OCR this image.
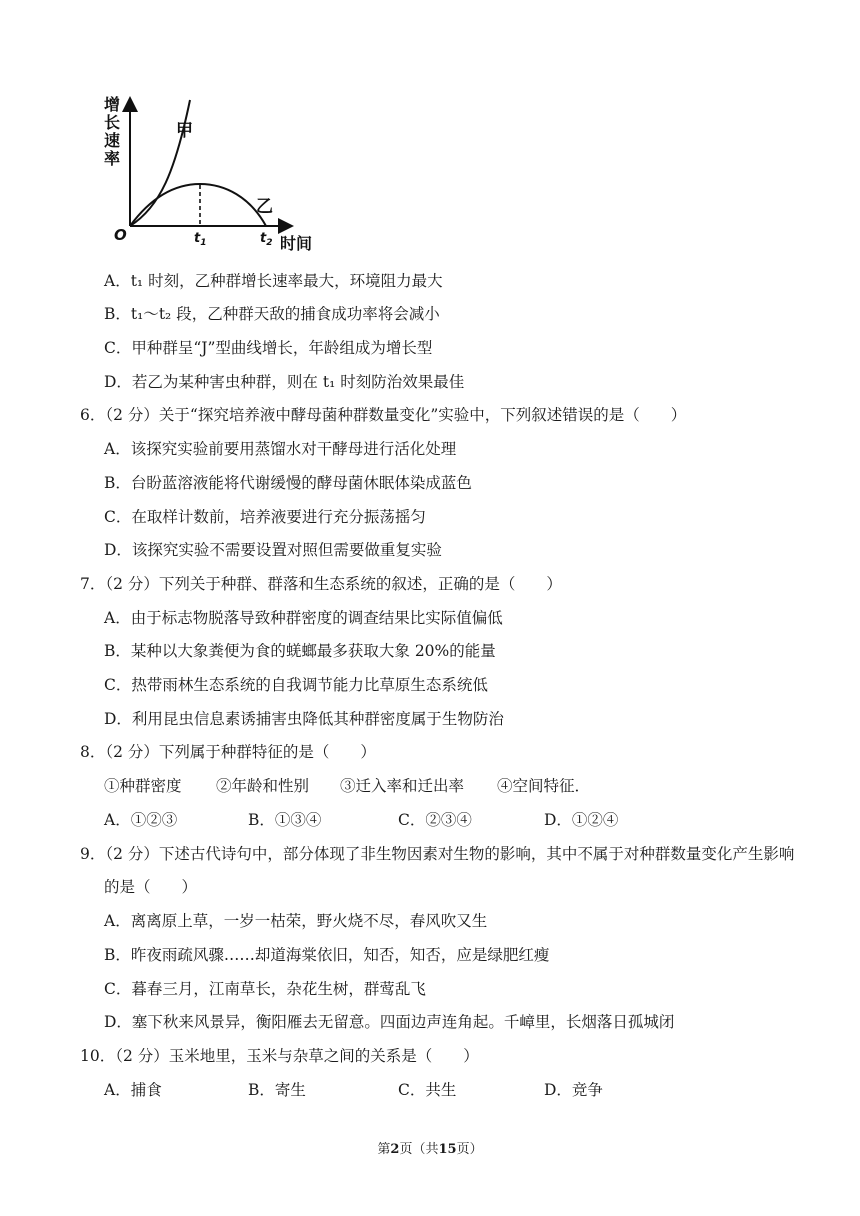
增
长
速
率
甲
乙
O	$t_1$	$t_2$ 时间
A．t₁ 时刻，乙种群增长速率最大，环境阻力最大
B．t₁～t₂ 段，乙种群天敌的捕食成功率将会减小
C．甲种群呈“J”型曲线增长，年龄组成为增长型
D．若乙为某种害虫种群，则在 t₁ 时刻防治效果最佳
6．（2 分）关于“探究培养液中酵母菌种群数量变化”实验中，下列叙述错误的是（　　）
A．该探究实验前要用蒸馏水对干酵母进行活化处理
B．台盼蓝溶液能将代谢缓慢的酵母菌休眠体染成蓝色
C．在取样计数前，培养液要进行充分振荡摇匀
D．该探究实验不需要设置对照但需要做重复实验
7．（2 分）下列关于种群、群落和生态系统的叙述，正确的是（　　）
A．由于标志物脱落导致种群密度的调查结果比实际值偏低
B．某种以大象粪便为食的蜣螂最多获取大象 20%的能量
C．热带雨林生态系统的自我调节能力比草原生态系统低
D．利用昆虫信息素诱捕害虫降低其种群密度属于生物防治
8．（2 分）下列属于种群特征的是（　　）
①种群密度 ②年龄和性别 ③迁入率和迁出率 ④空间特征．
A．①②③	B．①③④	C．②③④	D．①②④
9．（2 分）下述古代诗句中，部分体现了非生物因素对生物的影响，其中不属于对种群数量变化产生影响
的是（　　）
A．离离原上草，一岁一枯荣，野火烧不尽，春风吹又生
B．昨夜雨疏风骤……却道海棠依旧，知否，知否，应是绿肥红瘦
C．暮春三月，江南草长，杂花生树，群莺乱飞
D．塞下秋来风景异，衡阳雁去无留意。四面边声连角起。千嶂里，长烟落日孤城闭
10．（2 分）玉米地里，玉米与杂草之间的关系是（　　）
A．捕食	B．寄生	C．共生	D．竞争
第2页（共15页）
